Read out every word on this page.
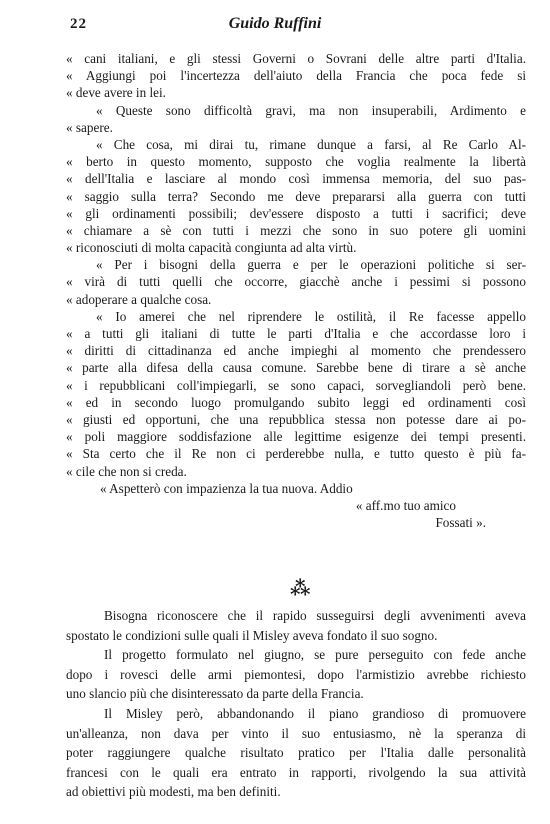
22	Guido Ruffini
« cani italiani, e gli stessi Governi o Sovrani delle altre parti d'Italia.
« Aggiungi poi l'incertezza dell'aiuto della Francia che poca fede si
« deve avere in lei.
« Queste sono difficoltà gravi, ma non insuperabili, Ardimento e
« sapere.
« Che cosa, mi dirai tu, rimane dunque a farsi, al Re Carlo Al-
« berto in questo momento, supposto che voglia realmente la libertà
« dell'Italia e lasciare al mondo così immensa memoria, del suo pas-
« saggio sulla terra? Secondo me deve prepararsi alla guerra con tutti
« gli ordinamenti possibili; dev'essere disposto a tutti i sacrifici; deve
« chiamare a sè con tutti i mezzi che sono in suo potere gli uomini
« riconosciuti di molta capacità congiunta ad alta virtù.
« Per i bisogni della guerra e per le operazioni politiche si ser-
« virà di tutti quelli che occorre, giacchè anche i pessimi si possono
« adoperare a qualche cosa.
« Io amerei che nel riprendere le ostilità, il Re facesse appello
« a tutti gli italiani di tutte le parti d'Italia e che accordasse loro i
« diritti di cittadinanza ed anche impieghi al momento che prendessero
« parte alla difesa della causa comune. Sarebbe bene di tirare a sè anche
« i repubblicani coll'impiegarli, se sono capaci, sorvegliandoli però bene.
« ed in secondo luogo promulgando subito leggi ed ordinamenti così
« giusti ed opportuni, che una repubblica stessa non potesse dare ai po-
« poli maggiore soddisfazione alle legittime esigenze dei tempi presenti.
« Sta certo che il Re non ci perderebbe nulla, e tutto questo è più fa-
« cile che non si creda.
« Aspetterò con impazienza la tua nuova. Addio
« aff.mo tuo amico
Fossati ».
⁂
Bisogna riconoscere che il rapido susseguirsi degli avvenimenti aveva
spostato le condizioni sulle quali il Misley aveva fondato il suo sogno.
Il progetto formulato nel giugno, se pure perseguito con fede anche
dopo i rovesci delle armi piemontesi, dopo l'armistizio avrebbe richiesto
uno slancio più che disinteressato da parte della Francia.
Il Misley però, abbandonando il piano grandioso di promuovere
un'alleanza, non dava per vinto il suo entusiasmo, nè la speranza di
poter raggiungere qualche risultato pratico per l'Italia dalle personalità
francesi con le quali era entrato in rapporti, rivolgendo la sua attività
ad obiettivi più modesti, ma ben definiti.
